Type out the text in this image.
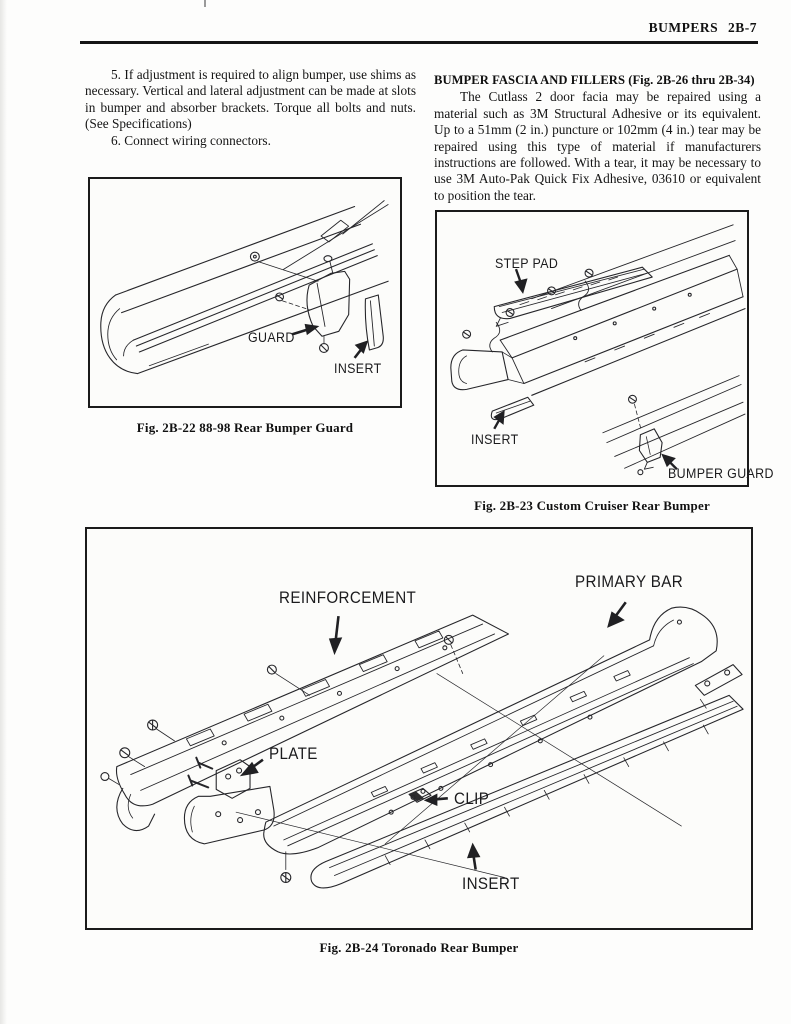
BUMPERS 2B-7

5. If adjustment is required to align bumper, use shims as necessary. Vertical and lateral adjustment can be made at slots in bumper and absorber brackets. Torque all bolts and nuts. (See Specifications)

6. Connect wiring connectors.

BUMPER FASCIA AND FILLERS (Fig. 2B-26 thru 2B-34)

The Cutlass 2 door facia may be repaired using a material such as 3M Structural Adhesive or its equivalent. Up to a 51mm (2 in.) puncture or 102mm (4 in.) tear may be repaired using this type of material if manufacturers instructions are followed. With a tear, it may be necessary to use 3M Auto-Pak Quick Fix Adhesive, 03610 or equivalent to position the tear.

GUARD
INSERT
Fig. 2B-22 88-98 Rear Bumper Guard
STEP PAD
INSERT
BUMPER GUARD
Fig. 2B-23 Custom Cruiser Rear Bumper
REINFORCEMENT
PRIMARY BAR
PLATE
CLIP
INSERT
Fig. 2B-24 Toronado Rear Bumper
